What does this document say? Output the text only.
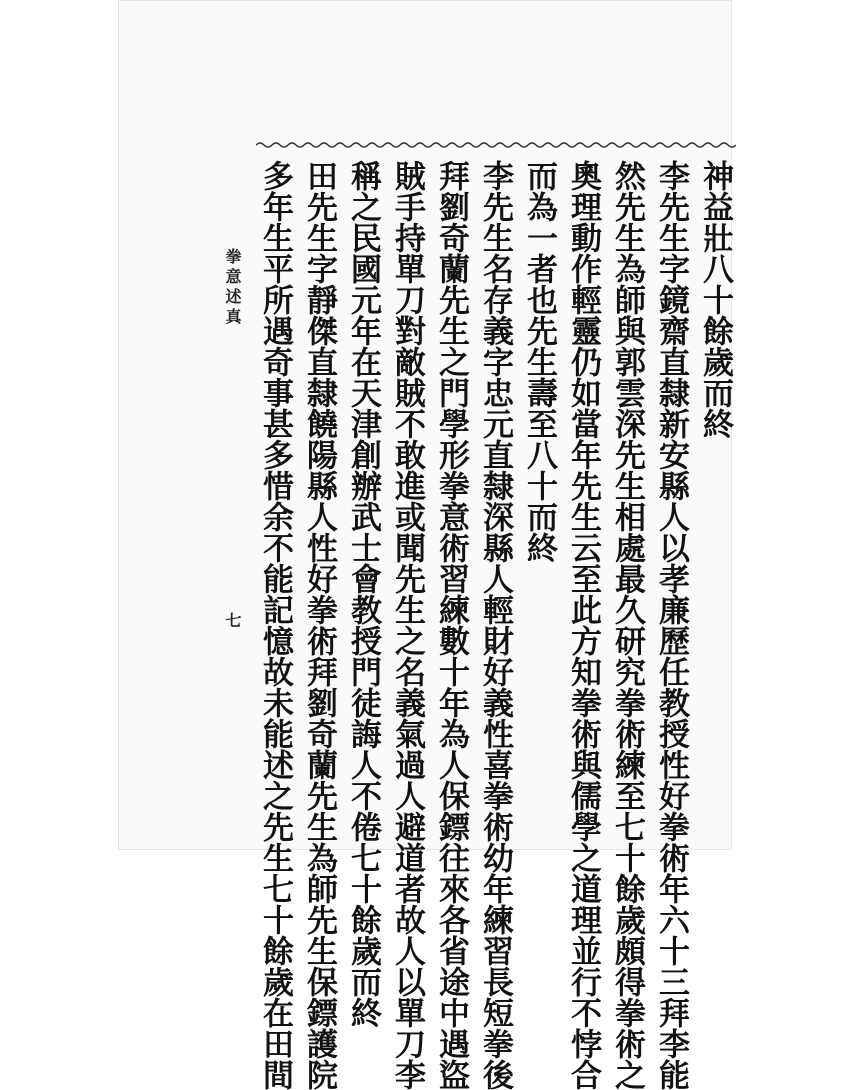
拳意述真
七
神益壯八十餘歲而終
李先生字鏡齋直隸新安縣人以孝廉歷任教授性好拳術年六十三拜李能
然先生為師與郭雲深先生相處最久研究拳術練至七十餘歲頗得拳術之
奧理動作輕靈仍如當年先生云至此方知拳術與儒學之道理並行不悖合
而為一者也先生壽至八十而終
李先生名存義字忠元直隸深縣人輕財好義性喜拳術幼年練習長短拳後
拜劉奇蘭先生之門學形拳意術習練數十年為人保鏢往來各省途中遇盜
賊手持單刀對敵賊不敢進或聞先生之名義氣過人避道者故人以單刀李
稱之民國元年在天津創辦武士會教授門徒誨人不倦七十餘歲而終
田先生字靜傑直隸饒陽縣人性好拳術拜劉奇蘭先生為師先生保鏢護院
多年生平所遇奇事甚多惜余不能記憶故未能述之先生七十餘歲在田間
